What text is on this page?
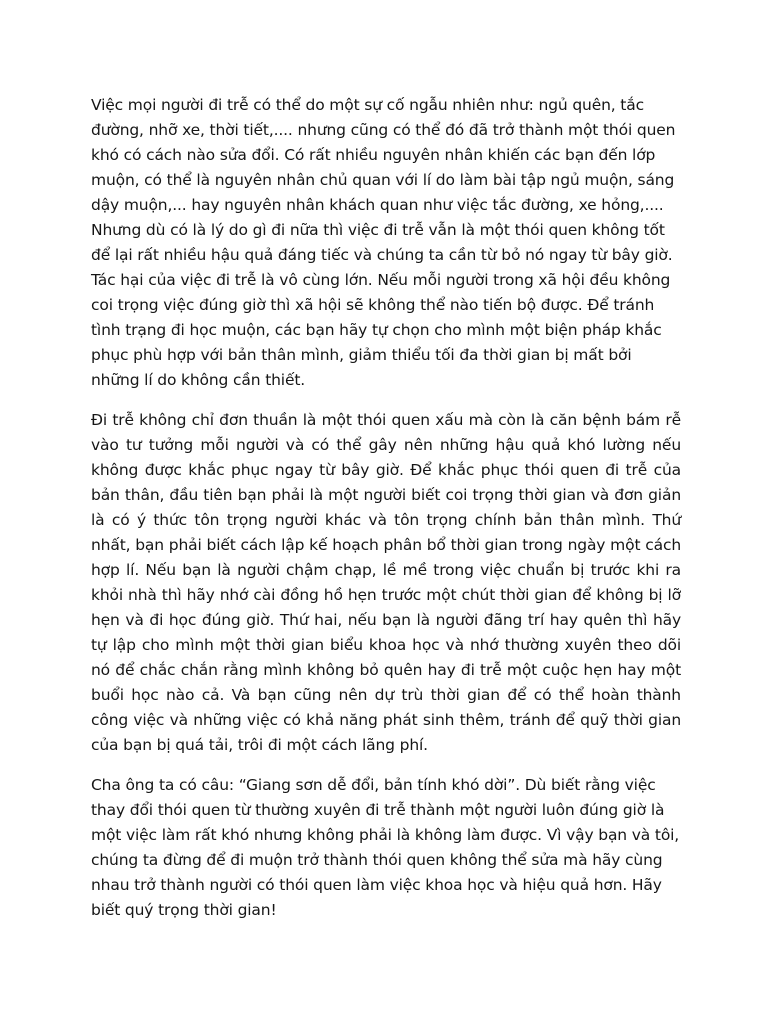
Việc mọi người đi trễ có thể do một sự cố ngẫu nhiên như: ngủ quên, tắc đường, nhỡ xe, thời tiết,.... nhưng cũng có thể đó đã trở thành một thói quen khó có cách nào sửa đổi. Có rất nhiều nguyên nhân khiến các bạn đến lớp muộn, có thể là nguyên nhân chủ quan với lí do làm bài tập ngủ muộn, sáng dậy muộn,... hay nguyên nhân khách quan như việc tắc đường, xe hỏng,.... Nhưng dù có là lý do gì đi nữa thì việc đi trễ vẫn là một thói quen không tốt để lại rất nhiều hậu quả đáng tiếc và chúng ta cần từ bỏ nó ngay từ bây giờ. Tác hại của việc đi trễ là vô cùng lớn. Nếu mỗi người trong xã hội đều không coi trọng việc đúng giờ thì xã hội sẽ không thể nào tiến bộ được. Để tránh tình trạng đi học muộn, các bạn hãy tự chọn cho mình một biện pháp khắc phục phù hợp với bản thân mình, giảm thiểu tối đa thời gian bị mất bởi những lí do không cần thiết.

Đi trễ không chỉ đơn thuần là một thói quen xấu mà còn là căn bệnh bám rễ vào tư tưởng mỗi người và có thể gây nên những hậu quả khó lường nếu không được khắc phục ngay từ bây giờ. Để khắc phục thói quen đi trễ của bản thân, đầu tiên bạn phải là một người biết coi trọng thời gian và đơn giản là có ý thức tôn trọng người khác và tôn trọng chính bản thân mình. Thứ nhất, bạn phải biết cách lập kế hoạch phân bổ thời gian trong ngày một cách hợp lí. Nếu bạn là người chậm chạp, lề mề trong việc chuẩn bị trước khi ra khỏi nhà thì hãy nhớ cài đồng hồ hẹn trước một chút thời gian để không bị lỡ hẹn và đi học đúng giờ. Thứ hai, nếu bạn là người đãng trí hay quên thì hãy tự lập cho mình một thời gian biểu khoa học và nhớ thường xuyên theo dõi nó để chắc chắn rằng mình không bỏ quên hay đi trễ một cuộc hẹn hay một buổi học nào cả. Và bạn cũng nên dự trù thời gian để có thể hoàn thành công việc và những việc có khả năng phát sinh thêm, tránh để quỹ thời gian của bạn bị quá tải, trôi đi một cách lãng phí.

Cha ông ta có câu: “Giang sơn dễ đổi, bản tính khó dời”. Dù biết rằng việc thay đổi thói quen từ thường xuyên đi trễ thành một người luôn đúng giờ là một việc làm rất khó nhưng không phải là không làm được. Vì vậy bạn và tôi, chúng ta đừng để đi muộn trở thành thói quen không thể sửa mà hãy cùng nhau trở thành người có thói quen làm việc khoa học và hiệu quả hơn. Hãy biết quý trọng thời gian!
